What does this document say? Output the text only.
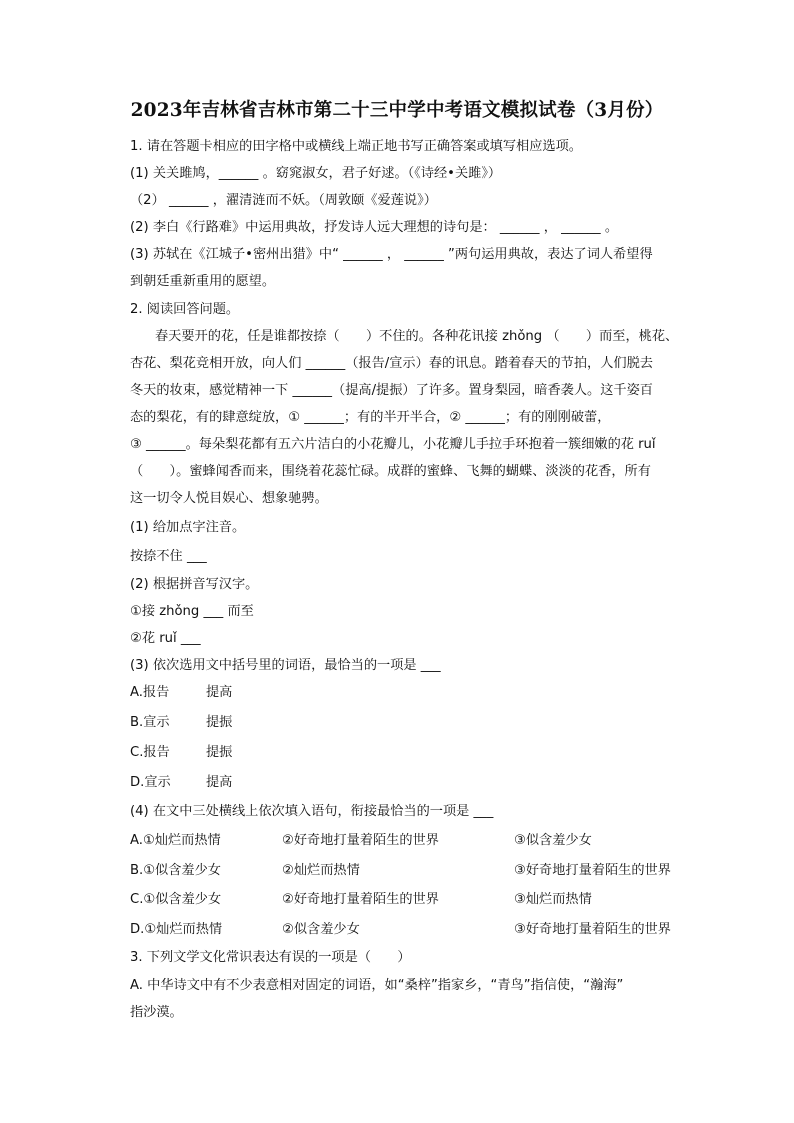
2023年吉林省吉林市第二十三中学中考语文模拟试卷（3月份）
1. 请在答题卡相应的田字格中或横线上端正地书写正确答案或填写相应选项。
(1) 关关雎鸠，______ 。窈窕淑女，君子好逑。（《诗经•关雎》）
（2） ______ ，濯清涟而不妖。（周敦颐《爱莲说》）
(2) 李白《行路难》中运用典故，抒发诗人远大理想的诗句是： ______ ， ______ 。
(3) 苏轼在《江城子•密州出猎》中“ ______ ， ______ ”两句运用典故，表达了词人希望得
到朝廷重新重用的愿望。
2. 阅读回答问题。
春天要开的花，任是谁都按捺（　　）不住的。各种花讯接 zhǒng （　　）而至，桃花、
杏花、梨花竞相开放，向人们 ______（报告/宣示）春的讯息。踏着春天的节拍，人们脱去
冬天的妆束，感觉精神一下 ______（提高/提振）了许多。置身梨园，暗香袭人。这千姿百
态的梨花，有的肆意绽放，① ______；有的半开半合，② ______；有的刚刚破蕾，
③ ______。每朵梨花都有五六片洁白的小花瓣儿，小花瓣儿手拉手环抱着一簇细嫩的花 ruǐ
（　　）。蜜蜂闻香而来，围绕着花蕊忙碌。成群的蜜蜂、飞舞的蝴蝶、淡淡的花香，所有
这一切令人悦目娱心、想象驰骋。
(1) 给加点字注音。
按捺不住 ___
(2) 根据拼音写汉字。
①接 zhǒng ___ 而至
②花 ruǐ ___
(3) 依次选用文中括号里的词语，最恰当的一项是 ___
A.报告	提高
B.宣示	提振
C.报告	提振
D.宣示	提高
(4) 在文中三处横线上依次填入语句，衔接最恰当的一项是 ___
A.①灿烂而热情	②好奇地打量着陌生的世界	③似含羞少女
B.①似含羞少女	②灿烂而热情	③好奇地打量着陌生的世界
C.①似含羞少女	②好奇地打量着陌生的世界	③灿烂而热情
D.①灿烂而热情	②似含羞少女	③好奇地打量着陌生的世界
3. 下列文学文化常识表达有误的一项是（　　）
A. 中华诗文中有不少表意相对固定的词语，如“桑梓”指家乡，“青鸟”指信使，“瀚海”
指沙漠。
